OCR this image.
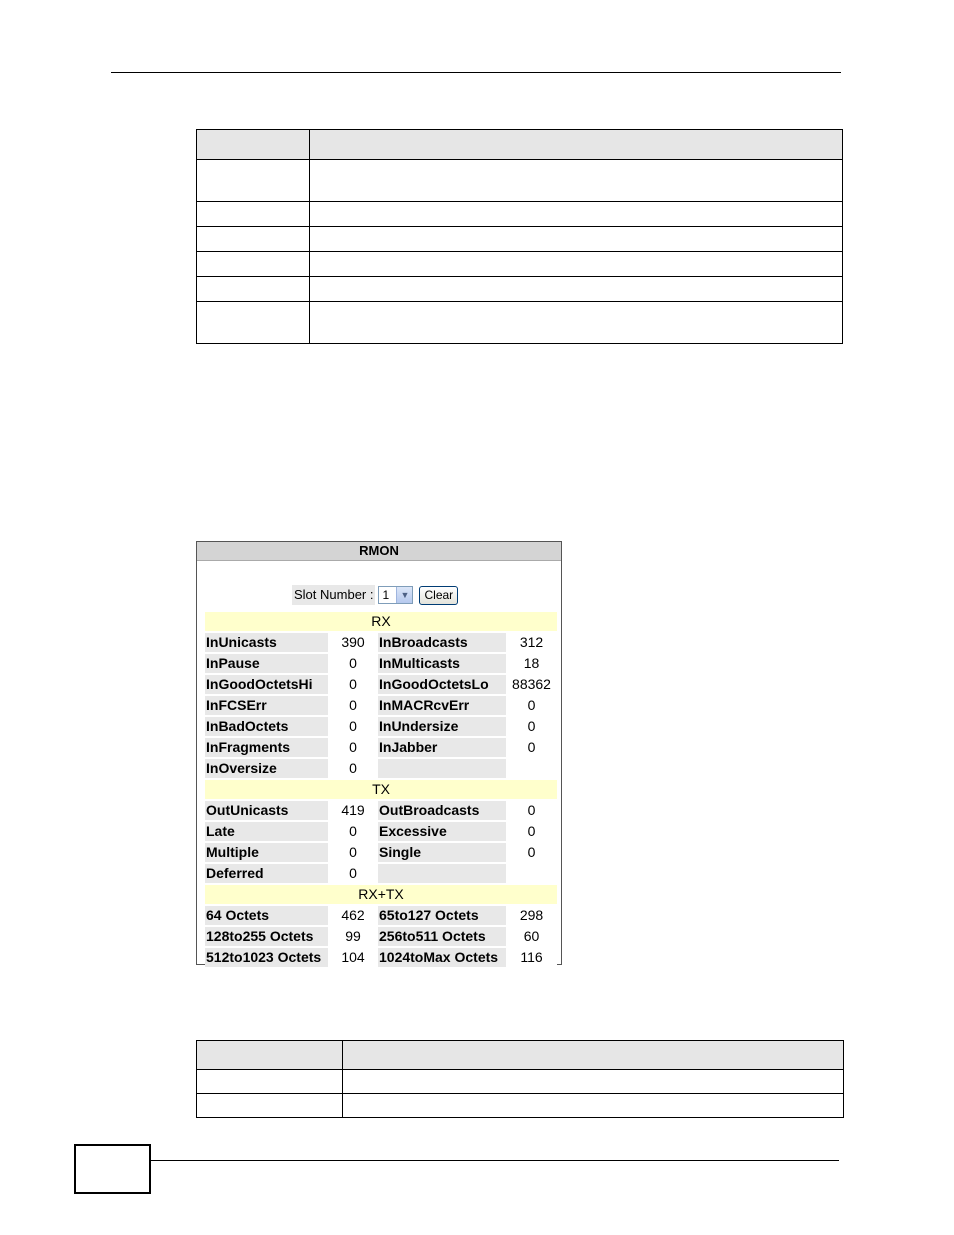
RMON
Slot Number : 1	▼	Clear
RX			
InUnicasts	390	InBroadcasts	312
InPause	0	InMulticasts	18
InGoodOctetsHi	0	InGoodOctetsLo	88362
InFCSErr	0	InMACRcvErr	0
InBadOctets	0	InUndersize	0
InFragments	0	InJabber	0
InOversize	0		
TX			
OutUnicasts	419	OutBroadcasts	0
Late	0	Excessive	0
Multiple	0	Single	0
Deferred	0		
RX+TX			
64 Octets	462	65to127 Octets	298
128to255 Octets	99	256to511 Octets	60
512to1023 Octets	104	1024toMax Octets	116
